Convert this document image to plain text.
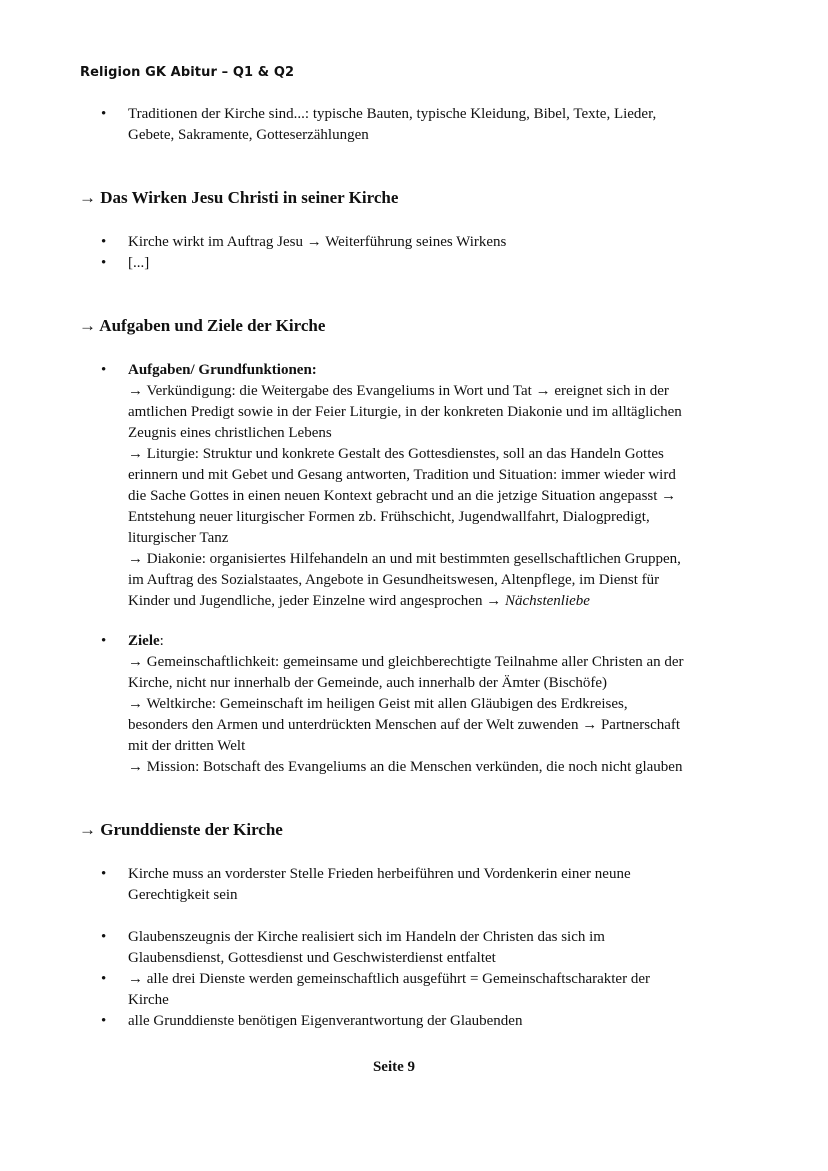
Religion GK Abitur – Q1 & Q2
• Traditionen der Kirche sind...: typische Bauten, typische Kleidung, Bibel, Texte, Lieder,
Gebete, Sakramente, Gotteserzählungen
→ Das Wirken Jesu Christi in seiner Kirche
• Kirche wirkt im Auftrag Jesu → Weiterführung seines Wirkens
• [...]
→ Aufgaben und Ziele der Kirche
• Aufgaben/ Grundfunktionen:
→ Verkündigung: die Weitergabe des Evangeliums in Wort und Tat → ereignet sich in der
amtlichen Predigt sowie in der Feier Liturgie, in der konkreten Diakonie und im alltäglichen
Zeugnis eines christlichen Lebens
→ Liturgie: Struktur und konkrete Gestalt des Gottesdienstes, soll an das Handeln Gottes
erinnern und mit Gebet und Gesang antworten, Tradition und Situation: immer wieder wird
die Sache Gottes in einen neuen Kontext gebracht und an die jetzige Situation angepasst →
Entstehung neuer liturgischer Formen zb. Frühschicht, Jugendwallfahrt, Dialogpredigt,
liturgischer Tanz
→ Diakonie: organisiertes Hilfehandeln an und mit bestimmten gesellschaftlichen Gruppen,
im Auftrag des Sozialstaates, Angebote in Gesundheitswesen, Altenpflege, im Dienst für
Kinder und Jugendliche, jeder Einzelne wird angesprochen → Nächstenliebe
• Ziele:
→ Gemeinschaftlichkeit: gemeinsame und gleichberechtigte Teilnahme aller Christen an der
Kirche, nicht nur innerhalb der Gemeinde, auch innerhalb der Ämter (Bischöfe)
→ Weltkirche: Gemeinschaft im heiligen Geist mit allen Gläubigen des Erdkreises,
besonders den Armen und unterdrückten Menschen auf der Welt zuwenden → Partnerschaft
mit der dritten Welt
→ Mission: Botschaft des Evangeliums an die Menschen verkünden, die noch nicht glauben
→ Grunddienste der Kirche
• Kirche muss an vorderster Stelle Frieden herbeiführen und Vordenkerin einer neune
Gerechtigkeit sein
• Glaubenszeugnis der Kirche realisiert sich im Handeln der Christen das sich im
Glaubensdienst, Gottesdienst und Geschwisterdienst entfaltet
• → alle drei Dienste werden gemeinschaftlich ausgeführt = Gemeinschaftscharakter der
Kirche
• alle Grunddienste benötigen Eigenverantwortung der Glaubenden
Seite 9
